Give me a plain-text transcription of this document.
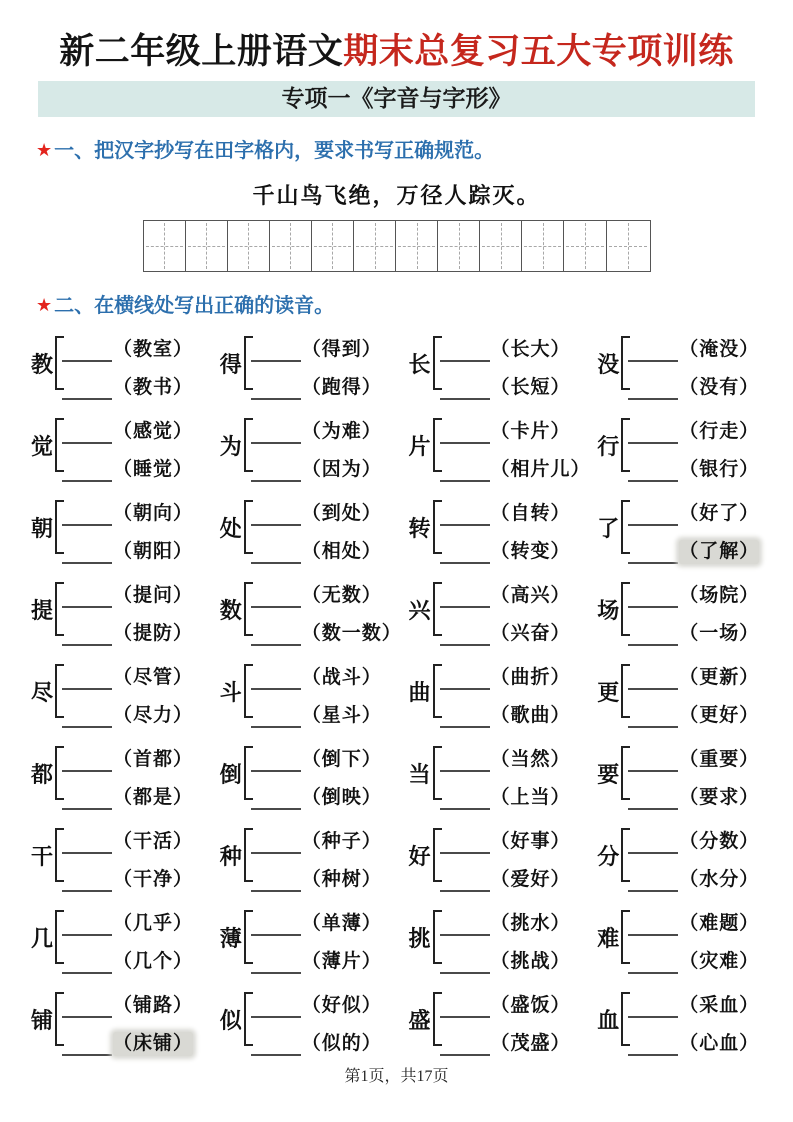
新二年级上册语文期末总复习五大专项训练
专项一《字音与字形》
★ 一、把汉字抄写在田字格内，要求书写正确规范。
千山鸟飞绝，万径人踪灭。
★ 二、在横线处写出正确的读音。
教
（教室）
（教书）
得
（得到）
（跑得）
长
（长大）
（长短）
没
（淹没）
（没有）
觉
（感觉）
（睡觉）
为
（为难）
（因为）
片
（卡片）
（相片儿）
行
（行走）
（银行）
朝
（朝向）
（朝阳）
处
（到处）
（相处）
转
（自转）
（转变）
了
（好了）
（了解）
提
（提问）
（提防）
数
（无数）
（数一数）
兴
（高兴）
（兴奋）
场
（场院）
（一场）
尽
（尽管）
（尽力）
斗
（战斗）
（星斗）
曲
（曲折）
（歌曲）
更
（更新）
（更好）
都
（首都）
（都是）
倒
（倒下）
（倒映）
当
（当然）
（上当）
要
（重要）
（要求）
干
（干活）
（干净）
种
（种子）
（种树）
好
（好事）
（爱好）
分
（分数）
（水分）
几
（几乎）
（几个）
薄
（单薄）
（薄片）
挑
（挑水）
（挑战）
难
（难题）
（灾难）
铺
（铺路）
（床铺）
似
（好似）
（似的）
盛
（盛饭）
（茂盛）
血
（采血）
（心血）
第1页，共17页
